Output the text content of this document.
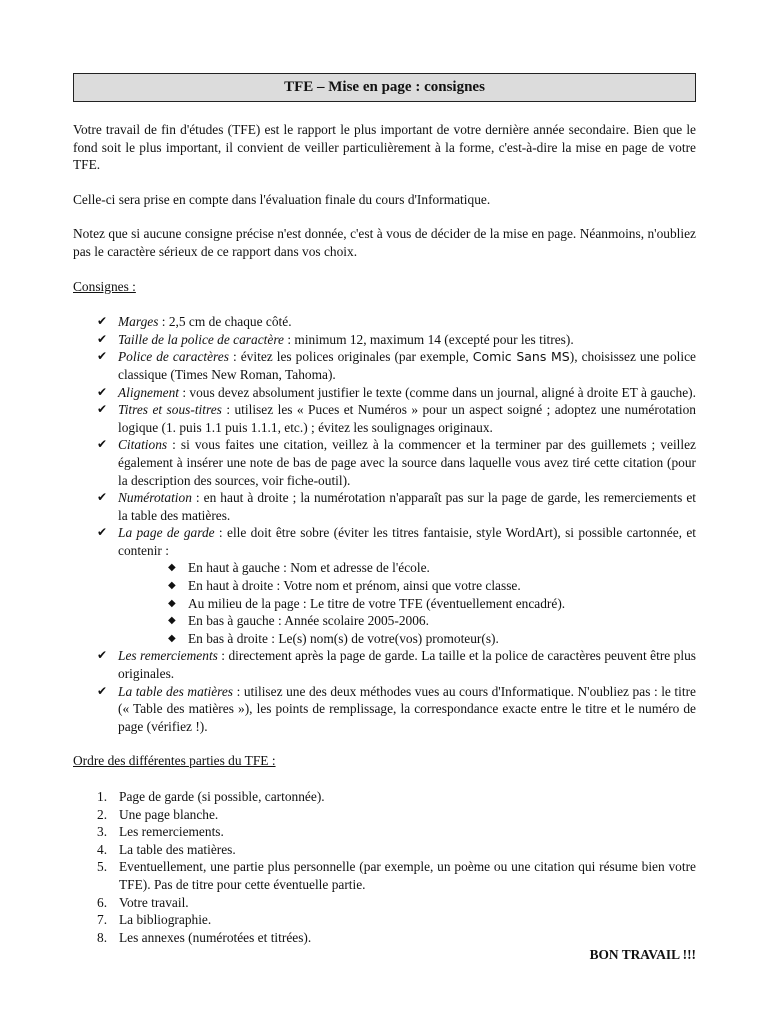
TFE – Mise en page : consignes

Votre travail de fin d'études (TFE) est le rapport le plus important de votre dernière année secondaire. Bien que le fond soit le plus important, il convient de veiller particulièrement à la forme, c'est-à-dire la mise en page de votre TFE.

Celle-ci sera prise en compte dans l'évaluation finale du cours d'Informatique.

Notez que si aucune consigne précise n'est donnée, c'est à vous de décider de la mise en page. Néanmoins, n'oubliez pas le caractère sérieux de ce rapport dans vos choix.

Consignes :

✔ Marges : 2,5 cm de chaque côté.
✔ Taille de la police de caractère : minimum 12, maximum 14 (excepté pour les titres).
✔ Police de caractères : évitez les polices originales (par exemple, Comic Sans MS), choisissez une police classique (Times New Roman, Tahoma).
✔ Alignement : vous devez absolument justifier le texte (comme dans un journal, aligné à droite ET à gauche).
✔ Titres et sous-titres : utilisez les « Puces et Numéros » pour un aspect soigné ; adoptez une numérotation logique (1. puis 1.1 puis 1.1.1, etc.) ; évitez les soulignages originaux.
✔ Citations : si vous faites une citation, veillez à la commencer et la terminer par des guillemets ; veillez également à insérer une note de bas de page avec la source dans laquelle vous avez tiré cette citation (pour la description des sources, voir fiche-outil).
✔ Numérotation : en haut à droite ; la numérotation n'apparaît pas sur la page de garde, les remerciements et la table des matières.
✔ La page de garde : elle doit être sobre (éviter les titres fantaisie, style WordArt), si possible cartonnée, et contenir :
◆ En haut à gauche : Nom et adresse de l'école.
◆ En haut à droite : Votre nom et prénom, ainsi que votre classe.
◆ Au milieu de la page : Le titre de votre TFE (éventuellement encadré).
◆ En bas à gauche : Année scolaire 2005-2006.
◆ En bas à droite : Le(s) nom(s) de votre(vos) promoteur(s).
✔ Les remerciements : directement après la page de garde. La taille et la police de caractères peuvent être plus originales.
✔ La table des matières : utilisez une des deux méthodes vues au cours d'Informatique. N'oubliez pas : le titre (« Table des matières »), les points de remplissage, la correspondance exacte entre le titre et le numéro de page (vérifiez !).

Ordre des différentes parties du TFE :

1. Page de garde (si possible, cartonnée).
2. Une page blanche.
3. Les remerciements.
4. La table des matières.
5. Eventuellement, une partie plus personnelle (par exemple, un poème ou une citation qui résume bien votre TFE). Pas de titre pour cette éventuelle partie.
6. Votre travail.
7. La bibliographie.
8. Les annexes (numérotées et titrées).
BON TRAVAIL !!!
